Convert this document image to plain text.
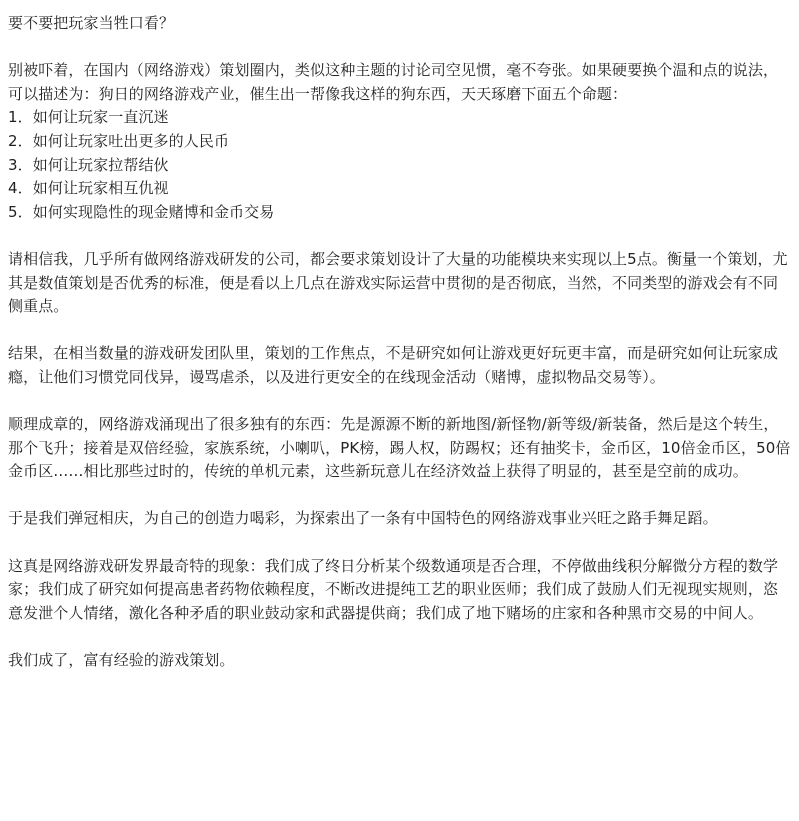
要不要把玩家当牲口看？

别被吓着，在国内（网络游戏）策划圈内，类似这种主题的讨论司空见惯，毫不夸张。如果硬要换个温和点的说法，可以描述为：狗日的网络游戏产业，催生出一帮像我这样的狗东西，天天琢磨下面五个命题：

1．如何让玩家一直沉迷
2．如何让玩家吐出更多的人民币
3．如何让玩家拉帮结伙
4．如何让玩家相互仇视
5．如何实现隐性的现金赌博和金币交易

请相信我，几乎所有做网络游戏研发的公司，都会要求策划设计了大量的功能模块来实现以上5点。衡量一个策划，尤其是数值策划是否优秀的标准，便是看以上几点在游戏实际运营中贯彻的是否彻底，当然，不同类型的游戏会有不同侧重点。

结果，在相当数量的游戏研发团队里，策划的工作焦点，不是研究如何让游戏更好玩更丰富，而是研究如何让玩家成瘾，让他们习惯党同伐异，谩骂虐杀，以及进行更安全的在线现金活动（赌博，虚拟物品交易等）。

顺理成章的，网络游戏涌现出了很多独有的东西：先是源源不断的新地图/新怪物/新等级/新装备，然后是这个转生，那个飞升；接着是双倍经验，家族系统，小喇叭，PK榜，踢人权，防踢权；还有抽奖卡，金币区，10倍金币区，50倍金币区……相比那些过时的，传统的单机元素，这些新玩意儿在经济效益上获得了明显的，甚至是空前的成功。

于是我们弹冠相庆，为自己的创造力喝彩，为探索出了一条有中国特色的网络游戏事业兴旺之路手舞足蹈。

这真是网络游戏研发界最奇特的现象：我们成了终日分析某个级数通项是否合理，不停做曲线积分解微分方程的数学家；我们成了研究如何提高患者药物依赖程度，不断改进提纯工艺的职业医师；我们成了鼓励人们无视现实规则，恣意发泄个人情绪，激化各种矛盾的职业鼓动家和武器提供商；我们成了地下赌场的庄家和各种黑市交易的中间人。

我们成了，富有经验的游戏策划。
